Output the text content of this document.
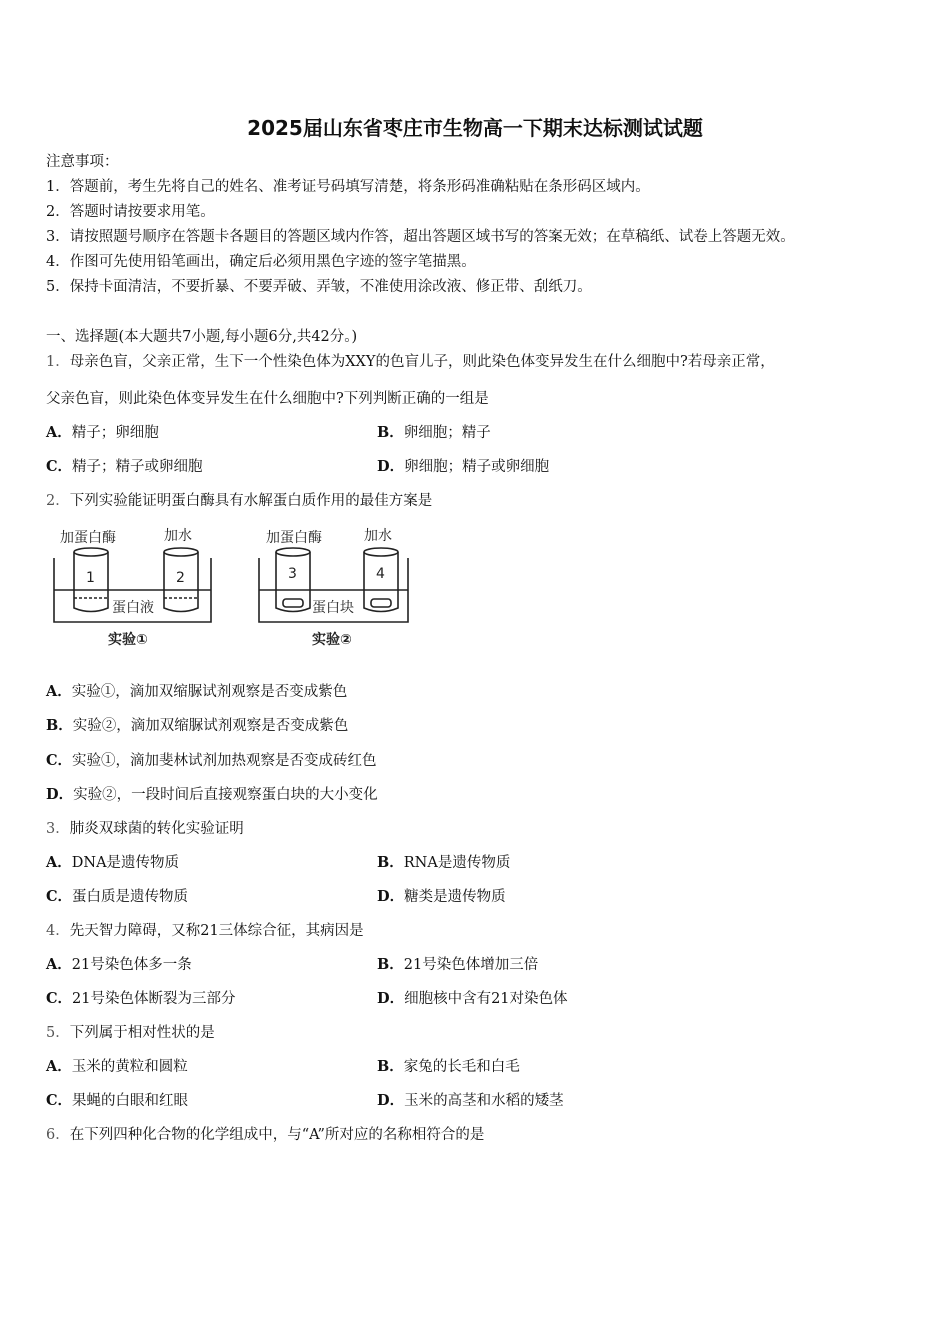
2025届山东省枣庄市生物高一下期末达标测试试题
注意事项：
1．答题前，考生先将自己的姓名、准考证号码填写清楚，将条形码准确粘贴在条形码区域内。
2．答题时请按要求用笔。
3．请按照题号顺序在答题卡各题目的答题区域内作答，超出答题区域书写的答案无效；在草稿纸、试卷上答题无效。
4．作图可先使用铅笔画出，确定后必须用黑色字迹的签字笔描黑。
5．保持卡面清洁，不要折暴、不要弄破、弄皱，不准使用涂改液、修正带、刮纸刀。
一、选择题(本大题共7小题,每小题6分,共42分。)
1．母亲色盲，父亲正常，生下一个性染色体为XXY的色盲儿子，则此染色体变异发生在什么细胞中?若母亲正常，
父亲色盲，则此染色体变异发生在什么细胞中?下列判断正确的一组是
A．精子；卵细胞	B．卵细胞；精子
C．精子；精子或卵细胞	D．卵细胞；精子或卵细胞
2．下列实验能证明蛋白酶具有水解蛋白质作用的最佳方案是
加蛋白酶	加水
1	2
蛋白液
实验①
加蛋白酶	加水
3	4
蛋白块
实验②
A．实验①，滴加双缩脲试剂观察是否变成紫色
B．实验②，滴加双缩脲试剂观察是否变成紫色
C．实验①，滴加斐林试剂加热观察是否变成砖红色
D．实验②，一段时间后直接观察蛋白块的大小变化
3．肺炎双球菌的转化实验证明
A．DNA是遗传物质	B．RNA是遗传物质
C．蛋白质是遗传物质	D．糖类是遗传物质
4．先天智力障碍，又称21三体综合征，其病因是
A．21号染色体多一条	B．21号染色体增加三倍
C．21号染色体断裂为三部分	D．细胞核中含有21对染色体
5．下列属于相对性状的是
A．玉米的黄粒和圆粒	B．家兔的长毛和白毛
C．果蝇的白眼和红眼	D．玉米的高茎和水稻的矮茎
6．在下列四种化合物的化学组成中，与“A”所对应的名称相符合的是
